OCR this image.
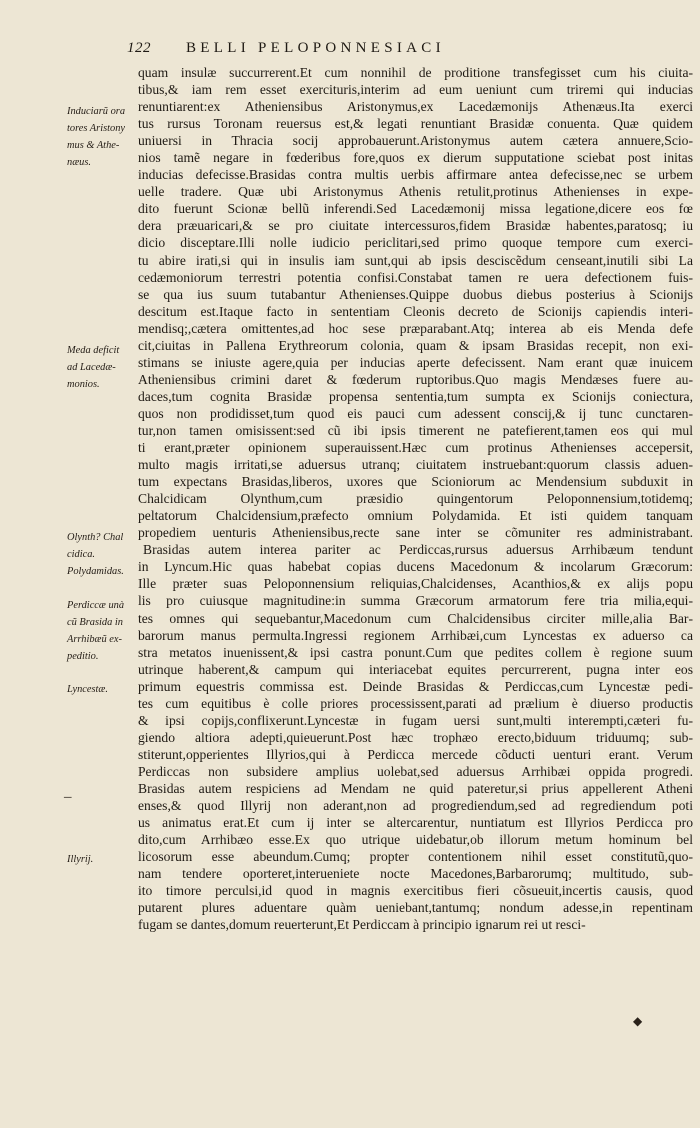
122 BELLI PELOPONNESIACI
quam insulæ succurrerent.Et cum nonnihil de proditione transfegisset cum his ciuita‑
tibus,& iam rem esset exercituris,interim ad eum ueniunt cum triremi qui inducias
renuntiarent:ex Atheniensibus Aristonymus,ex Lacedæmonijs Athenæus.Ita exerci
tus rursus Toronam reuersus est,& legati renuntiant Brasidæ conuenta. Quæ quidem
uniuersi in Thracia socij approbauerunt.Aristonymus autem cætera annuere,Scio‑
nios tamẽ negare in fœderibus fore,quos ex dierum supputatione sciebat post initas
inducias defecisse.Brasidas contra multis uerbis affirmare antea defecisse,nec se urbem
uelle tradere. Quæ ubi Aristonymus Athenis retulit,protinus Athenienses in expe‑
dito fuerunt Scionæ bellũ inferendi.Sed Lacedæmonij missa legatione,dicere eos fœ
dera præuaricari,& se pro ciuitate intercessuros,fidem Brasidæ habentes,paratosq; iu
dicio disceptare.Illi nolle iudicio periclitari,sed primo quoque tempore cum exerci‑
tu abire irati,si qui in insulis iam sunt,qui ab ipsis desciscẽdum censeant,inutili sibi La
cedæmoniorum terrestri potentia confisi.Constabat tamen re uera defectionem fuis‑
se qua ius suum tutabantur Athenienses.Quippe duobus diebus posterius à Scionijs
descitum est.Itaque facto in sententiam Cleonis decreto de Scionijs capiendis interi‑
mendisq;,cætera omittentes,ad hoc sese præparabant.Atq; interea ab eis Menda defe
cit,ciuitas in Pallena Erythreorum colonia, quam & ipsam Brasidas recepit, non exi‑
stimans se iniuste agere,quia per inducias aperte defecissent. Nam erant quæ inuicem
Atheniensibus crimini daret & fœderum ruptoribus.Quo magis Mendæses fuere au‑
daces,tum cognita Brasidæ propensa sententia,tum sumpta ex Scionijs coniectura,
quos non prodidisset,tum quod eis pauci cum adessent conscij,& ij tunc cunctaren‑
tur,non tamen omisissent:sed cũ ibi ipsis timerent ne patefierent,tamen eos qui mul
ti erant,præter opinionem superauissent.Hæc cum protinus Athenienses accepersit,
multo magis irritati,se aduersus utranq; ciuitatem instruebant:quorum classis aduen‑
tum expectans Brasidas,liberos, uxores que Scioniorum ac Mendensium subduxit in
Chalcidicam Olynthum,cum præsidio quingentorum Peloponnensium,totidemq;
peltatorum Chalcidensium,præfecto omnium Polydamida. Et isti quidem tanquam
propediem uenturis Atheniensibus,recte sane inter se cõmuniter res administrabant.
Brasidas autem interea pariter ac Perdiccas,rursus aduersus Arrhibæum tendunt
in Lyncum.Hic quas habebat copias ducens Macedonum & incolarum Græcorum:
Ille præter suas Peloponnensium reliquias,Chalcidenses, Acanthios,& ex alijs popu
lis pro cuiusque magnitudine:in summa Græcorum armatorum fere tria milia,equi‑
tes omnes qui sequebantur,Macedonum cum Chalcidensibus circiter mille,alia Bar‑
barorum manus permulta.Ingressi regionem Arrhibæi,cum Lyncestas ex aduerso ca
stra metatos inuenissent,& ipsi castra ponunt.Cum que pedites collem è regione suum
utrinque haberent,& campum qui interiacebat equites percurrerent, pugna inter eos
primum equestris commissa est. Deinde Brasidas & Perdiccas,cum Lyncestæ pedi‑
tes cum equitibus è colle priores processissent,parati ad prælium è diuerso productis
& ipsi copijs,conflixerunt.Lyncestæ in fugam uersi sunt,multi interempti,cæteri fu‑
giendo altiora adepti,quieuerunt.Post hæc trophæo erecto,biduum triduumq; sub‑
stiterunt,opperientes Illyrios,qui à Perdicca mercede cõducti uenturi erant. Verum
Perdiccas non subsidere amplius uolebat,sed aduersus Arrhibæi oppida progredi.
Brasidas autem respiciens ad Mendam ne quid pateretur,si prius appellerent Atheni
enses,& quod Illyrij non aderant,non ad progrediendum,sed ad regrediendum poti
us animatus erat.Et cum ij inter se altercarentur, nuntiatum est Illyrios Perdicca pro
dito,cum Arrhibæo esse.Ex quo utrique uidebatur,ob illorum metum hominum bel
licosorum esse abeundum.Cumq; propter contentionem nihil esset constitutũ,quo‑
nam tendere oporteret,interueniete nocte Macedones,Barbarorumq; multitudo, sub‑
ito timore perculsi,id quod in magnis exercitibus fieri cõsueuit,incertis causis, quod
putarent plures aduentare quàm ueniebant,tantumq; nondum adesse,in repentinam
fugam se dantes,domum reuerterunt,Et Perdiccam à principio ignarum rei ut resci‑
Induciarũ ora
tores Aristony
mus & Athe‑
næus.
Meda deficit
ad Lacedæ‑
monios.
Olynth? Chal
cidica.
Polydamidas.
Perdiccæ unà
cũ Brasida in
Arrhibæũ ex‑
peditio.
Lyncestæ.
Illyrij.
–
◆
